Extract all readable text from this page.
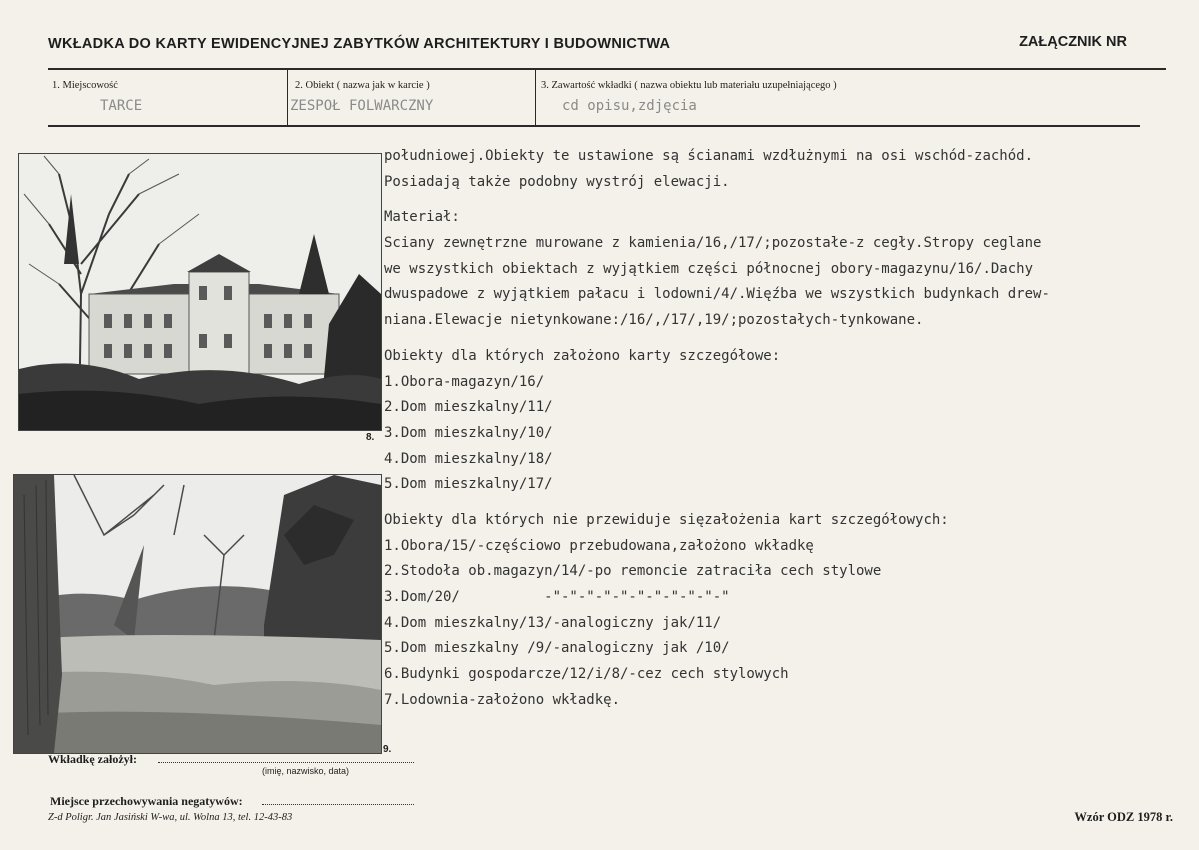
WKŁADKA DO KARTY EWIDENCYJNEJ ZABYTKÓW ARCHITEKTURY I BUDOWNICTWA	ZAŁĄCZNIK NR
1. Miejscowość
TARCE
2. Obiekt ( nazwa jak w karcie )
ZESPOŁ FOLWARCZNY
3. Zawartość wkładki ( nazwa obiektu lub materiału uzupełniającego )
cd opisu,zdjęcia
8.
9.
południowej.Obiekty te ustawione są ścianami wzdłużnymi na osi wschód-zachód.
Posiadają także podobny wystrój elewacji.
Materiał:
Sciany zewnętrzne murowane z kamienia/16,/17/;pozostałe-z cegły.Stropy ceglane
we wszystkich obiektach z wyjątkiem części północnej obory-magazynu/16/.Dachy
dwuspadowe z wyjątkiem pałacu i lodowni/4/.Więźba we wszystkich budynkach drew-
niana.Elewacje nietynkowane:/16/,/17/,19/;pozostałych-tynkowane.
Obiekty dla których założono karty szczegółowe:
1.Obora-magazyn/16/
2.Dom mieszkalny/11/
3.Dom mieszkalny/10/
4.Dom mieszkalny/18/
5.Dom mieszkalny/17/
Obiekty dla których nie przewiduje sięzałożenia kart szczegółowych:
1.Obora/15/-częściowo przebudowana,założono wkładkę
2.Stodoła ob.magazyn/14/-po remoncie zatraciła cech stylowe
3.Dom/20/          -"-"-"-"-"-"-"-"-"-"-"
4.Dom mieszkalny/13/-analogiczny jak/11/
5.Dom mieszkalny /9/-analogiczny jak /10/
6.Budynki gospodarcze/12/i/8/-cez cech stylowych
7.Lodownia-założono wkładkę.
Wkładkę założył:
(imię, nazwisko, data)
Miejsce przechowywania negatywów:
Z-d Poligr. Jan Jasiński W-wa, ul. Wolna 13, tel. 12-43-83	Wzór ODZ 1978 r.
